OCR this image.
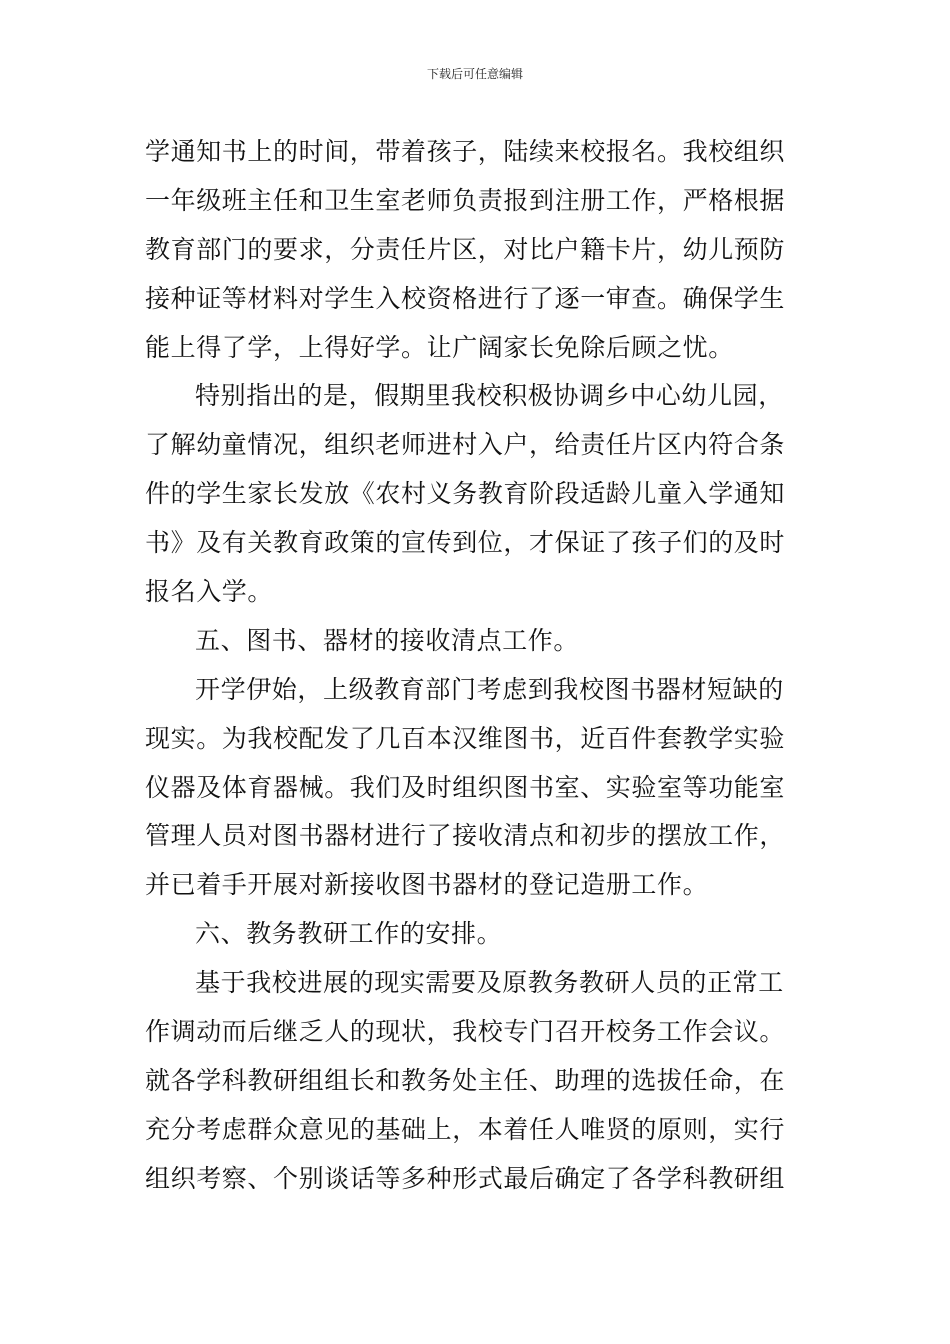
下载后可任意编辑
学通知书上的时间，带着孩子，陆续来校报名。我校组织
一年级班主任和卫生室老师负责报到注册工作，严格根据
教育部门的要求，分责任片区，对比户籍卡片，幼儿预防
接种证等材料对学生入校资格进行了逐一审查。确保学生
能上得了学，上得好学。让广阔家长免除后顾之忧。
特别指出的是，假期里我校积极协调乡中心幼儿园，
了解幼童情况，组织老师进村入户，给责任片区内符合条
件的学生家长发放《农村义务教育阶段适龄儿童入学通知
书》及有关教育政策的宣传到位，才保证了孩子们的及时
报名入学。
五、图书、器材的接收清点工作。
开学伊始，上级教育部门考虑到我校图书器材短缺的
现实。为我校配发了几百本汉维图书，近百件套教学实验
仪器及体育器械。我们及时组织图书室、实验室等功能室
管理人员对图书器材进行了接收清点和初步的摆放工作，
并已着手开展对新接收图书器材的登记造册工作。
六、教务教研工作的安排。
基于我校进展的现实需要及原教务教研人员的正常工
作调动而后继乏人的现状，我校专门召开校务工作会议。
就各学科教研组组长和教务处主任、助理的选拔任命，在
充分考虑群众意见的基础上，本着任人唯贤的原则，实行
组织考察、个别谈话等多种形式最后确定了各学科教研组
